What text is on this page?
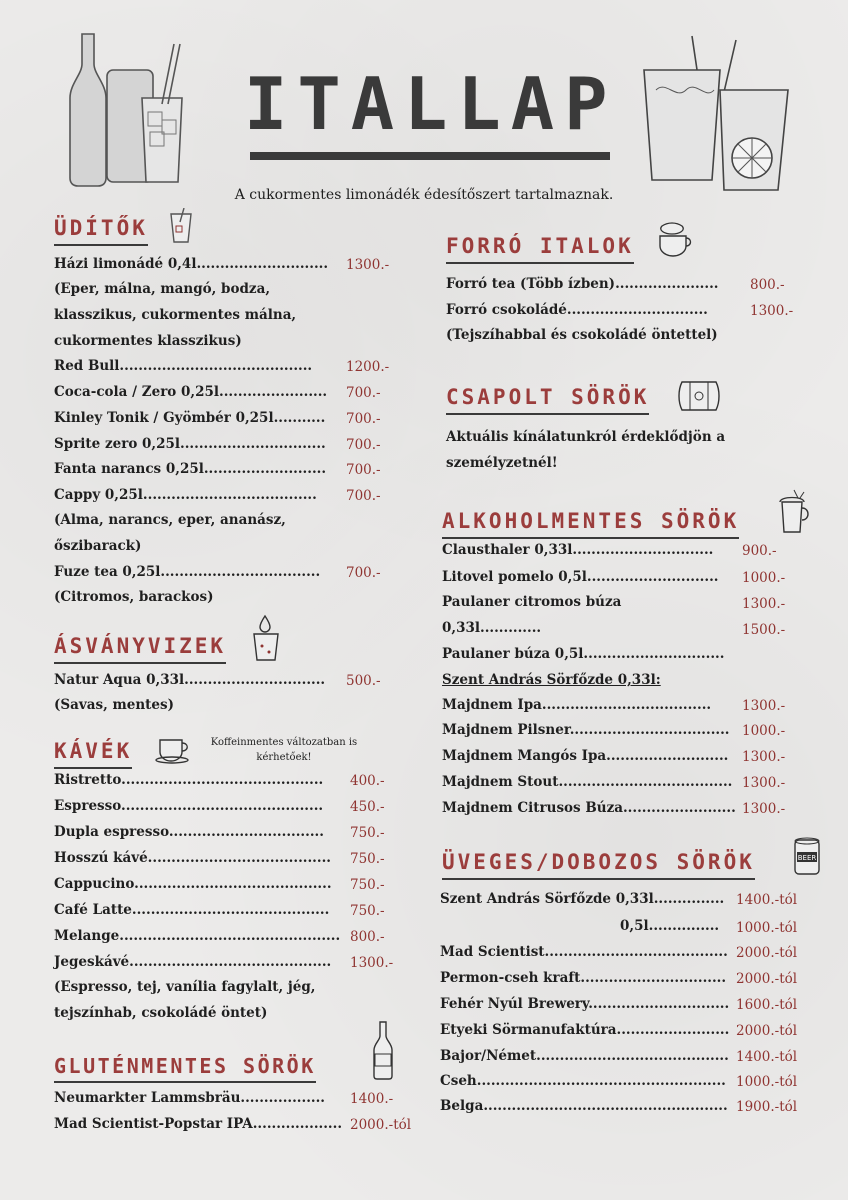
ITALLAP
A cukormentes limonádék édesítőszert tartalmaznak.
ÜDÍTŐK
Házi limonádé 0,4l............................ 1300.-
(Eper, málna, mangó, bodza, klasszikus, cukormentes málna, cukormentes klasszikus)
Red Bull.........................................	1200.-
Coca-cola / Zero 0,25l....................... 700.-
Kinley Tonik / Gyömbér 0,25l........... 700.-
Sprite zero 0,25l............................... 700.-
Fanta narancs 0,25l.......................... 700.-
Cappy 0,25l..................................... 700.-
(Alma, narancs, eper, ananász, őszibarack)
Fuze tea 0,25l.................................. 700.-
(Citromos, barackos)
ÁSVÁNYVIZEK
Natur Aqua 0,33l.............................. 500.-
(Savas, mentes)
KÁVÉK	Koffeinmentes változatban is kérhetőek!
Ristretto........................................... 400.-
Espresso........................................... 450.-
Dupla espresso................................. 750.-
Hosszú kávé....................................... 750.-
Cappucino.......................................... 750.-
Café Latte.......................................... 750.-
Melange............................................... 800.-
Jegeskávé........................................... 1300.-
(Espresso, tej, vanília fagylalt, jég, tejszínhab, csokoládé öntet)
GLUTÉNMENTES SÖRÖK
Neumarkter Lammsbräu.................. 1400.-
Mad Scientist-Popstar IPA................... 2000.-tól
FORRÓ ITALOK
Forró tea (Több ízben)...................... 800.-
Forró csokoládé..............................	1300.-
(Tejszíhabbal és csokoládé öntettel)
CSAPOLT SÖRÖK
Aktuális kínálatunkról érdeklődjön a személyzetnél!
ALKOHOLMENTES SÖRÖK
Clausthaler 0,33l.............................. 900.-
Litovel pomelo 0,5l............................ 1000.-
Paulaner citromos búza	1300.-
0,33l.............	1500.-
Paulaner búza 0,5l..............................
Szent András Sörfőzde 0,33l:
Majdnem Ipa.................................... 1300.-
Majdnem Pilsner.................................. 1000.-
Majdnem Mangós Ipa.......................... 1300.-
Majdnem Stout..................................... 1300.-
Majdnem Citrusos Búza........................ 1300.-
ÜVEGES/DOBOZOS SÖRÖK	BEER
Szent András Sörfőzde 0,33l............... 1400.-tól
0,5l............... 1000.-tól
Mad Scientist....................................... 2000.-tól
Permon-cseh kraft............................... 2000.-tól
Fehér Nyúl Brewery.............................. 1600.-tól
Etyeki Sörmanufaktúra........................ 2000.-tól
Bajor/Német......................................... 1400.-tól
Cseh..................................................... 1000.-tól
Belga.................................................... 1900.-tól
